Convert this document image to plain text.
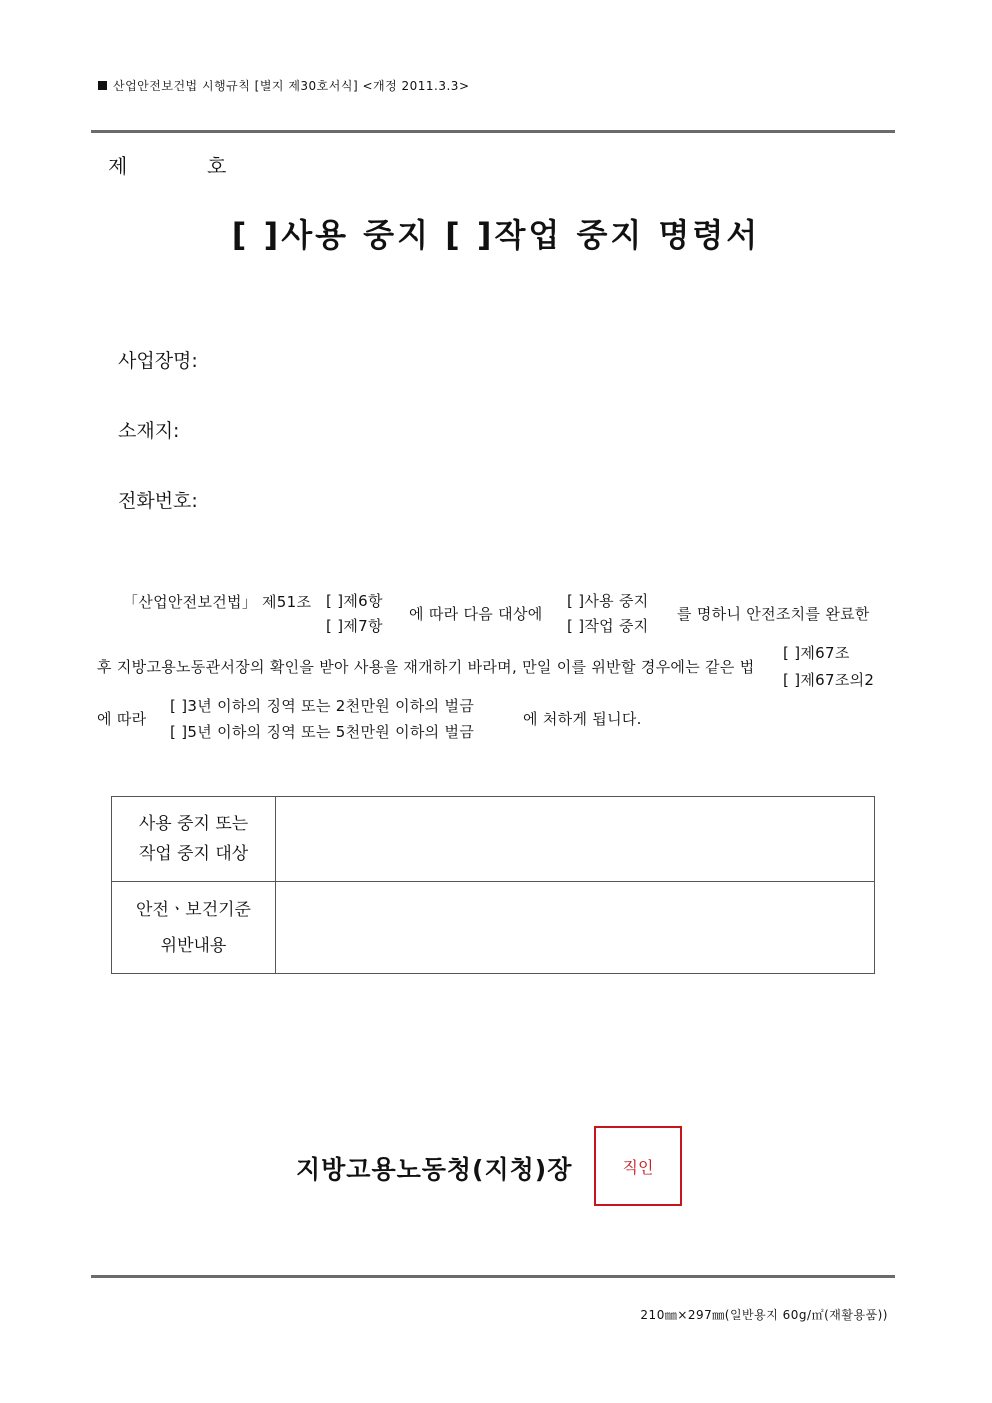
산업안전보건법 시행규칙 [별지 제30호서식] <개정 2011.3.3>
제	호
[ ]사용 중지 [ ]작업 중지 명령서
사업장명:
소재지:
전화번호:
「산업안전보건법」 제51조 [ ]제6항
[ ]제7항
에 따라 다음 대상에
[ ]사용 중지
[ ]작업 중지
를 명하니 안전조치를 완료한
후 지방고용노동관서장의 확인을 받아 사용을 재개하기 바라며, 만일 이를 위반할 경우에는 같은 법
[ ]제67조
[ ]제67조의2
에 따라
[ ]3년 이하의 징역 또는 2천만원 이하의 벌금
[ ]5년 이하의 징역 또는 5천만원 이하의 벌금
에 처하게 됩니다.
사용 중지 또는
작업 중지 대상	

안전ㆍ보건기준
위반내용	

지방고용노동청(지청)장	직인
210㎜×297㎜(일반용지 60g/㎡(재활용품))
